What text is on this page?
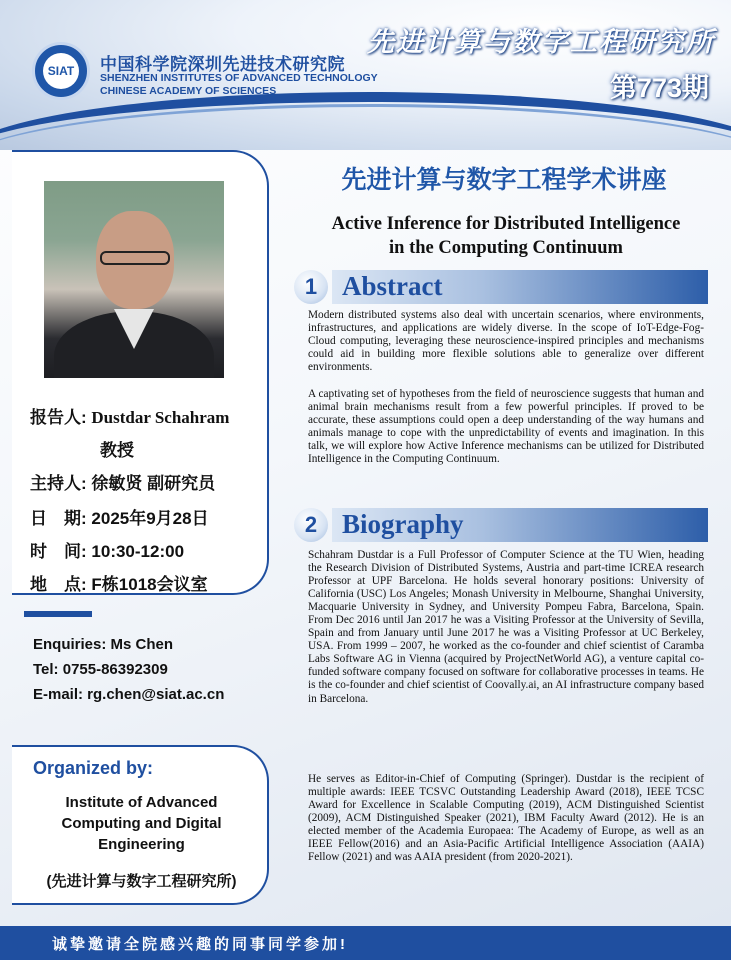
SIAT	中国科学院深圳先进技术研究院
SHENZHEN INSTITUTES OF ADVANCED TECHNOLOGY
CHINESE ACADEMY OF SCIENCES
先进计算与数字工程研究所
第773期
报告人: Dustdar Schahram
教授
主持人: 徐敏贤 副研究员
日　期: 2025年9月28日
时　间: 10:30-12:00
地　点: F栋1018会议室
Enquiries: Ms Chen
Tel: 0755-86392309
E-mail: rg.chen@siat.ac.cn
Organized by:
Institute of Advanced
Computing and Digital
Engineering
(先进计算与数字工程研究所)
先进计算与数字工程学术讲座
Active Inference for Distributed Intelligence
in the Computing Continuum
1 Abstract
Modern distributed systems also deal with uncertain scenarios, where environments, infrastructures, and applications are widely diverse. In the scope of IoT-Edge-Fog-Cloud computing, leveraging these neuroscience-inspired principles and mechanisms could aid in building more flexible solutions able to generalize over different environments.
A captivating set of hypotheses from the field of neuroscience suggests that human and animal brain mechanisms result from a few powerful principles. If proved to be accurate, these assumptions could open a deep understanding of the way humans and animals manage to cope with the unpredictability of events and imagination. In this talk, we will explore how Active Inference mechanisms can be utilized for Distributed Intelligence in the Computing Continuum.
2 Biography
Schahram Dustdar is a Full Professor of Computer Science at the TU Wien, heading the Research Division of Distributed Systems, Austria and part-time ICREA research Professor at UPF Barcelona. He holds several honorary positions: University of California (USC) Los Angeles; Monash University in Melbourne, Shanghai University, Macquarie University in Sydney, and University Pompeu Fabra, Barcelona, Spain. From Dec 2016 until Jan 2017 he was a Visiting Professor at the University of Sevilla, Spain and from January until June 2017 he was a Visiting Professor at UC Berkeley, USA. From 1999 – 2007, he worked as the co-founder and chief scientist of Caramba Labs Software AG in Vienna (acquired by ProjectNetWorld AG), a venture capital co-funded software company focused on software for collaborative processes in teams. He is the co-founder and chief scientist of Coovally.ai, an AI infrastructure company based in Barcelona.
He serves as Editor-in-Chief of Computing (Springer). Dustdar is the recipient of multiple awards: IEEE TCSVC Outstanding Leadership Award (2018), IEEE TCSC Award for Excellence in Scalable Computing (2019), ACM Distinguished Scientist (2009), ACM Distinguished Speaker (2021), IBM Faculty Award (2012). He is an elected member of the Academia Europaea: The Academy of Europe, as well as an IEEE Fellow(2016) and an Asia-Pacific Artificial Intelligence Association (AAIA) Fellow (2021) and was AAIA president (from 2020-2021).
诚挚邀请全院感兴趣的同事同学参加!
